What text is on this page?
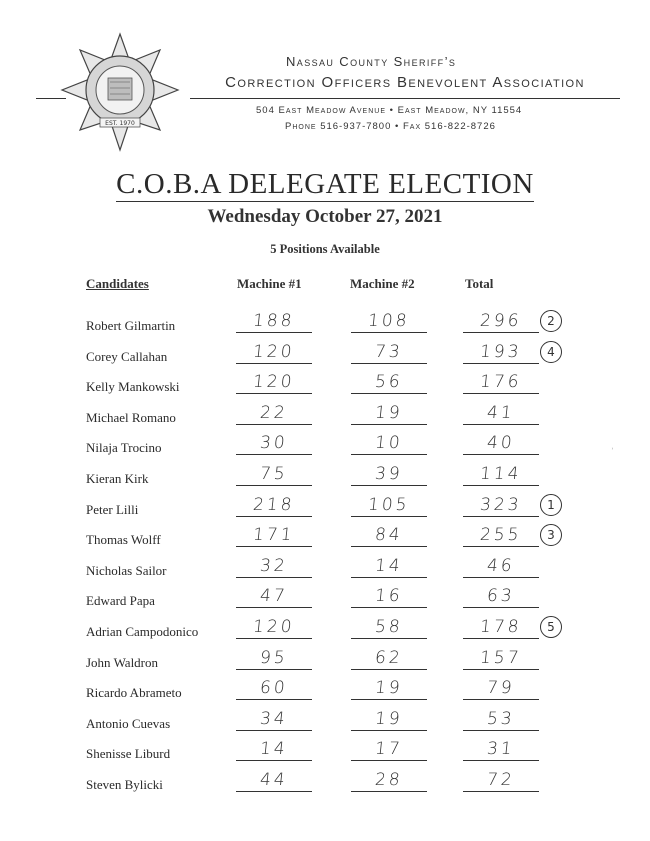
EST. 1970
Nassau County Sheriff’s
Correction Officers Benevolent Association
504 East Meadow Avenue • East Meadow, NY 11554
Phone 516-937-7800 • Fax 516-822-8726
C.O.B.A DELEGATE ELECTION
Wednesday October 27, 2021
5 Positions Available
Candidates	Machine #1	Machine #2	Total
Robert Gilmartin	188	108	296	2
Corey Callahan	120	73	193	4
Kelly Mankowski	120	56	176
Michael Romano	22	19	41
Nilaja Trocino	30	10	40
Kieran Kirk	75	39	114
Peter Lilli	218	105	323	1
Thomas Wolff	171	84	255	3
Nicholas Sailor	32	14	46
Edward Papa	47	16	63
Adrian Campodonico	120	58	178	5
John Waldron	95	62	157
Ricardo Abrameto	60	19	79
Antonio Cuevas	34	19	53
Shenisse Liburd	14	17	31
Steven Bylicki	44	28	72
˒
